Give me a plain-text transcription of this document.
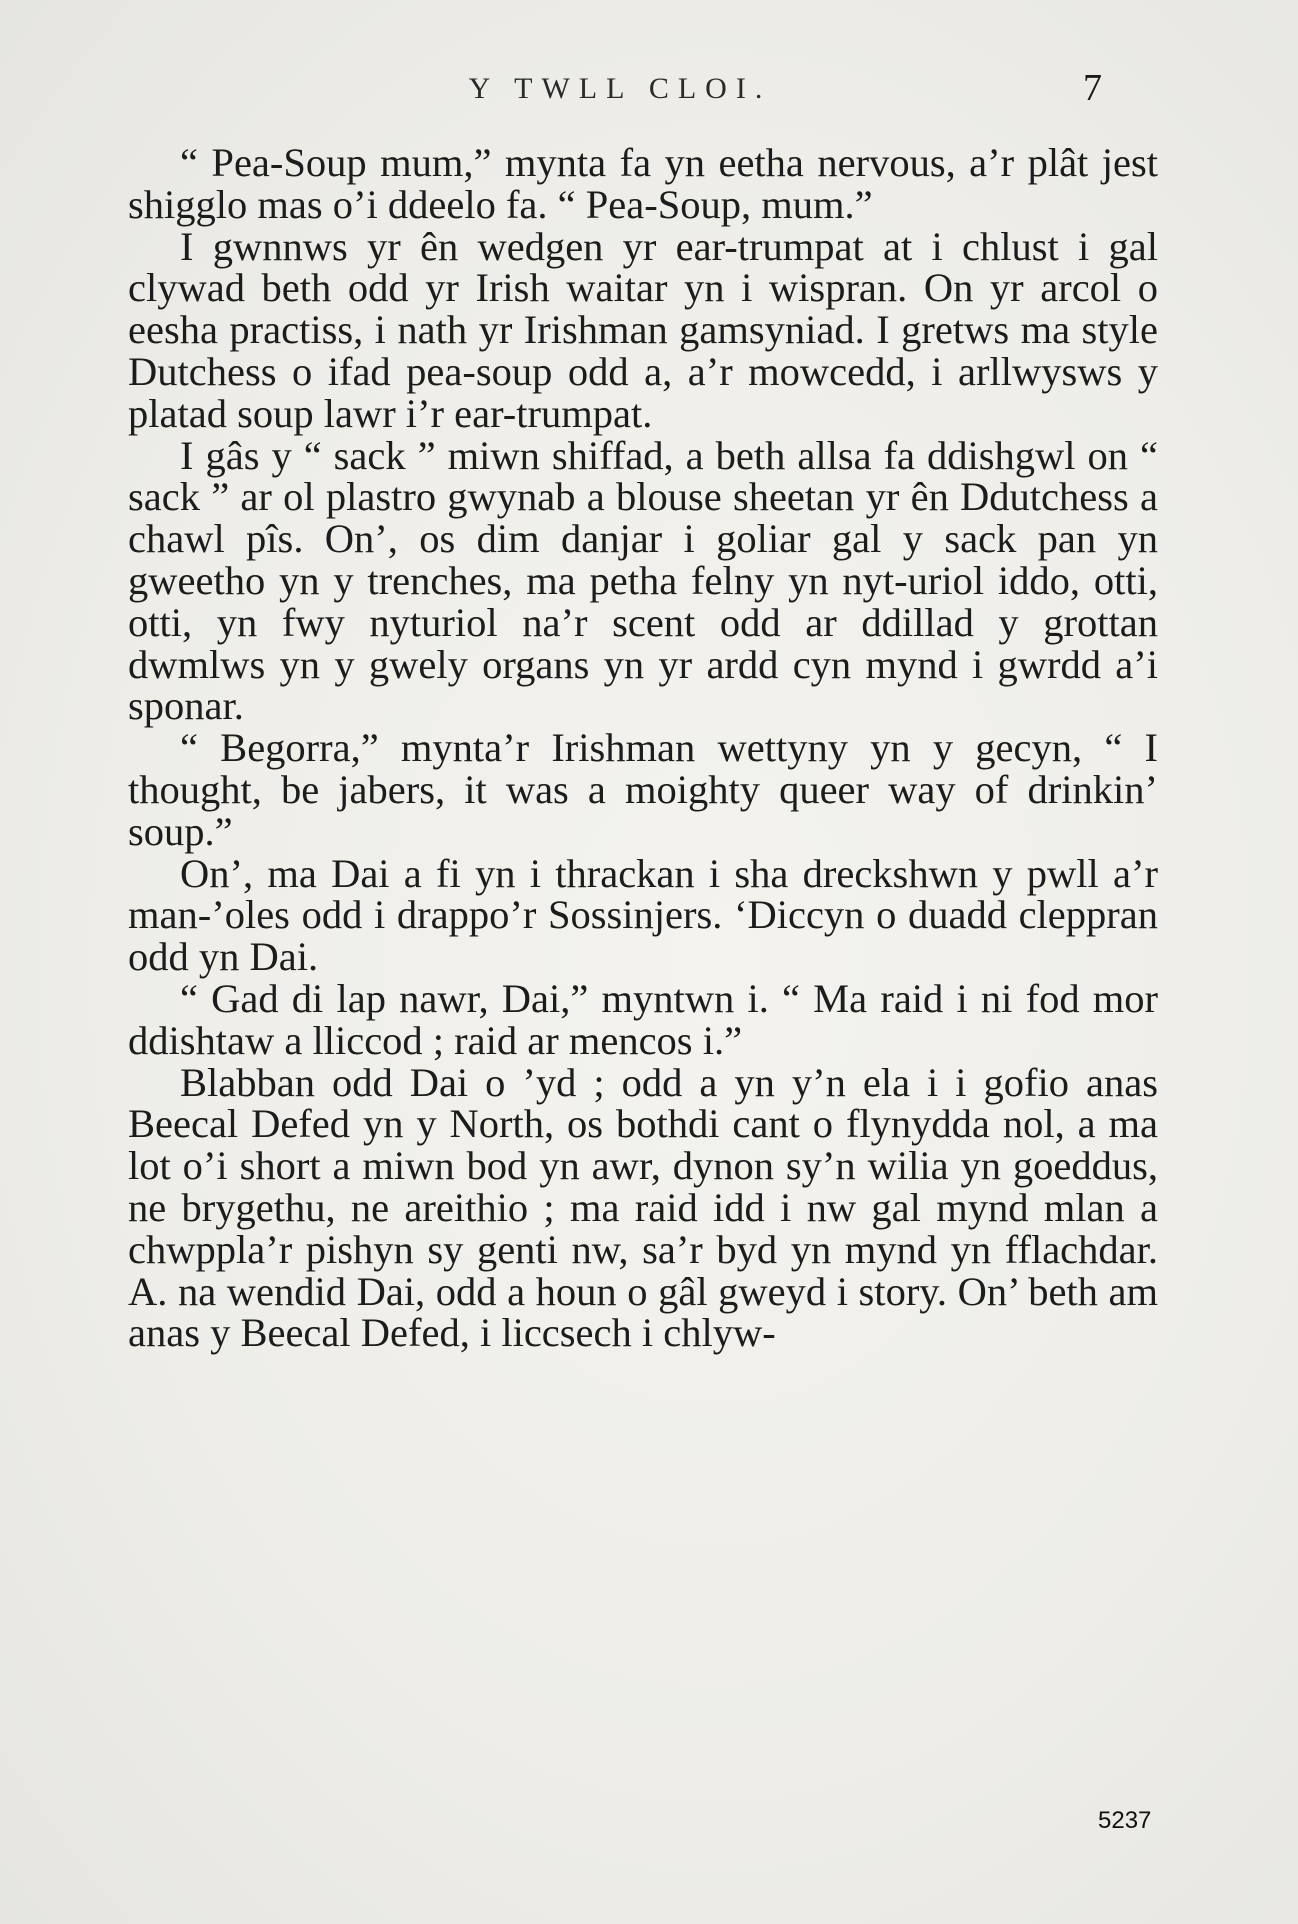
Y TWLL CLOI.	7

“ Pea-Soup mum,” mynta fa yn eetha nervous, a’r plât jest shigglo mas o’i ddeelo fa. “ Pea-Soup, mum.”

I gwnnws yr ên wedgen yr ear-trumpat at i chlust i gal clywad beth odd yr Irish waitar yn i wispran. On yr arcol o eesha practiss, i nath yr Irishman gamsyniad. I gretws ma style Dutchess o ifad pea-soup odd a, a’r mowcedd, i arllwysws y platad soup lawr i’r ear-trumpat.

I gâs y “ sack ” miwn shiffad, a beth allsa fa ddishgwl on “ sack ” ar ol plastro gwynab a blouse sheetan yr ên Ddutchess a chawl pîs. On’, os dim danjar i goliar gal y sack pan yn gweetho yn y trenches, ma petha felny yn nyt-uriol iddo, otti, otti, yn fwy nyturiol na’r scent odd ar ddillad y grottan dwmlws yn y gwely organs yn yr ardd cyn mynd i gwrdd a’i sponar.

“ Begorra,” mynta’r Irishman wettyny yn y gecyn, “ I thought, be jabers, it was a moighty queer way of drinkin’ soup.”

On’, ma Dai a fi yn i thrackan i sha dreckshwn y pwll a’r man-’oles odd i drappo’r Sossinjers. ‘Diccyn o duadd cleppran odd yn Dai.

“ Gad di lap nawr, Dai,” myntwn i. “ Ma raid i ni fod mor ddishtaw a lliccod ; raid ar mencos i.”

Blabban odd Dai o ’yd ; odd a yn y’n ela i i gofio anas Beecal Defed yn y North, os bothdi cant o flynydda nol, a ma lot o’i short a miwn bod yn awr, dynon sy’n wilia yn goeddus, ne brygethu, ne areithio ; ma raid idd i nw gal mynd mlan a chwppla’r pishyn sy genti nw, sa’r byd yn mynd yn fflachdar. A. na wendid Dai, odd a houn o gâl gweyd i story. On’ beth am anas y Beecal Defed, i liccsech i chlyw-

5237
